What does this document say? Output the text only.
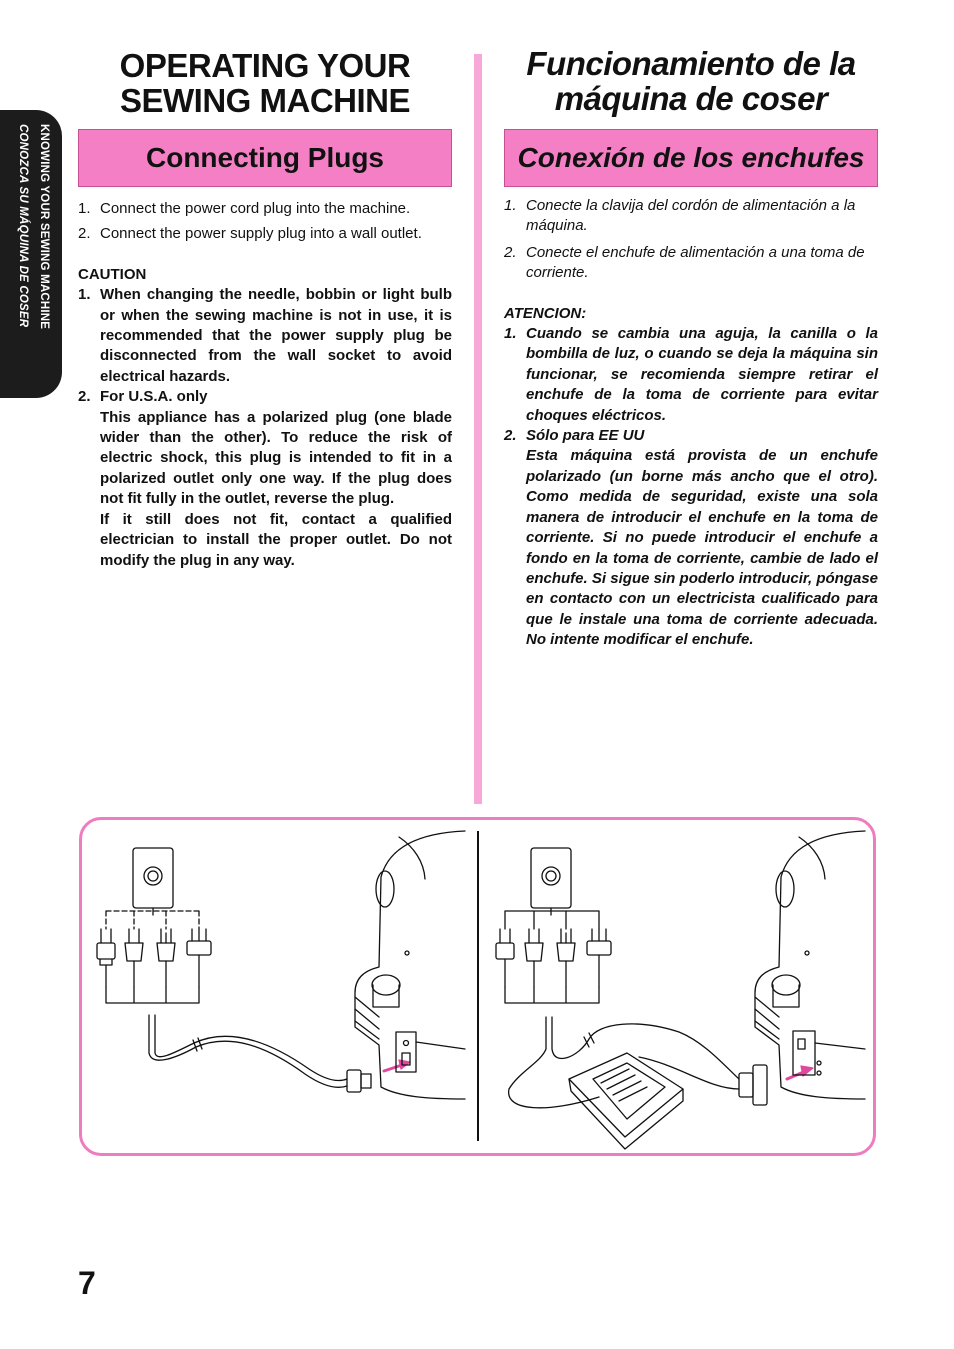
KNOWING YOUR SEWING MACHINE
CONOZCA SU MÁQUINA DE COSER
OPERATING YOUR
SEWING MACHINE
Funcionamiento de la
máquina de coser
Connecting Plugs	Conexión de los enchufes

1. Connect the power cord plug into the machine.

2. Connect the power supply plug into a wall outlet.

CAUTION

1. When changing the needle, bobbin or light bulb or when the sewing machine is not in use, it is recommended that the power supply plug be disconnected from the wall socket to avoid electrical hazards.

2. For U.S.A. only

This appliance has a polarized plug (one blade wider than the other). To reduce the risk of electric shock, this plug is intended to fit in a polarized outlet only one way. If the plug does not fit fully in the outlet, reverse the plug.

If it still does not fit, contact a qualified electrician to install the proper outlet. Do not modify the plug in any way.

1. Conecte la clavija del cordón de alimentación a la máquina.

2. Conecte el enchufe de alimentación a una toma de corriente.

ATENCION:

1. Cuando se cambia una aguja, la canilla o la bombilla de luz, o cuando se deja la máquina sin funcionar, se recomienda siempre retirar el enchufe de la toma de corriente para evitar choques eléctricos.

2. Sólo para EE UU

Esta máquina está provista de un enchufe polarizado (un borne más ancho que el otro). Como medida de seguridad, existe una sola manera de introducir el enchufe en la toma de corriente. Si no puede introducir el enchufe a fondo en la toma de corriente, cambie de lado el enchufe. Si sigue sin poderlo introducir, póngase en contacto con un electricista cualificado para que le instale una toma de corriente adecuada. No intente modificar el enchufe.

7
